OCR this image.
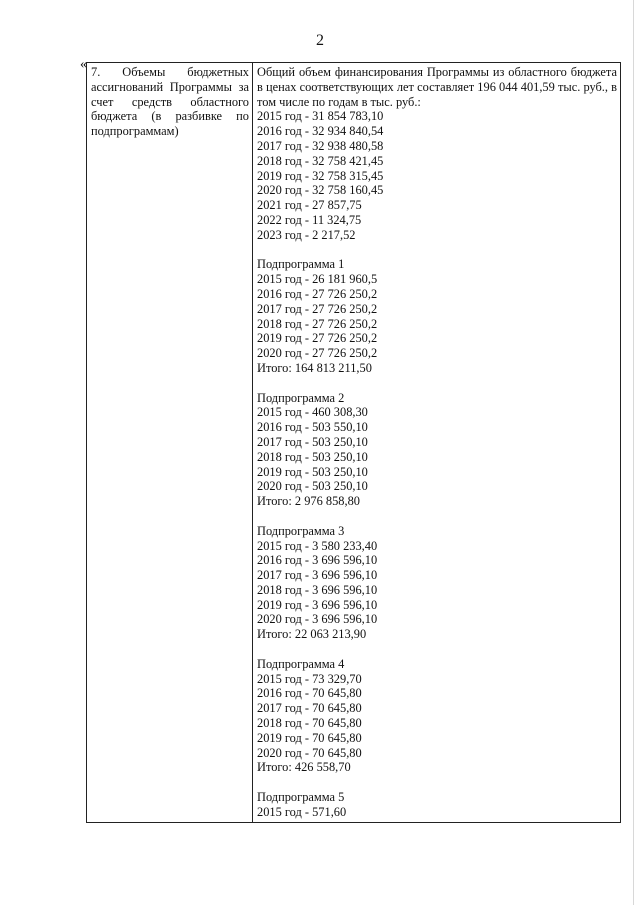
2
« 7. Объемы бюджетных ассигнований Программы за счет средств областного бюджета (в разбивке по подпрограммам)

Общий объем финансирования Программы из областного бюджета в ценах соответствующих лет составляет 196 044 401,59 тыс. руб., в том числе по годам в тыс. руб.:
2015 год - 31 854 783,10
2016 год - 32 934 840,54
2017 год - 32 938 480,58
2018 год - 32 758 421,45
2019 год - 32 758 315,45
2020 год - 32 758 160,45
2021 год - 27 857,75
2022 год - 11 324,75
2023 год - 2 217,52
Подпрограмма 1
2015 год - 26 181 960,5
2016 год - 27 726 250,2
2017 год - 27 726 250,2
2018 год - 27 726 250,2
2019 год - 27 726 250,2
2020 год - 27 726 250,2
Итого: 164 813 211,50
Подпрограмма 2
2015 год - 460 308,30
2016 год - 503 550,10
2017 год - 503 250,10
2018 год - 503 250,10
2019 год - 503 250,10
2020 год - 503 250,10
Итого: 2 976 858,80
Подпрограмма 3
2015 год - 3 580 233,40
2016 год - 3 696 596,10
2017 год - 3 696 596,10
2018 год - 3 696 596,10
2019 год - 3 696 596,10
2020 год - 3 696 596,10
Итого: 22 063 213,90
Подпрограмма 4
2015 год - 73 329,70
2016 год - 70 645,80
2017 год - 70 645,80
2018 год - 70 645,80
2019 год - 70 645,80
2020 год - 70 645,80
Итого: 426 558,70
Подпрограмма 5
2015 год - 571,60
